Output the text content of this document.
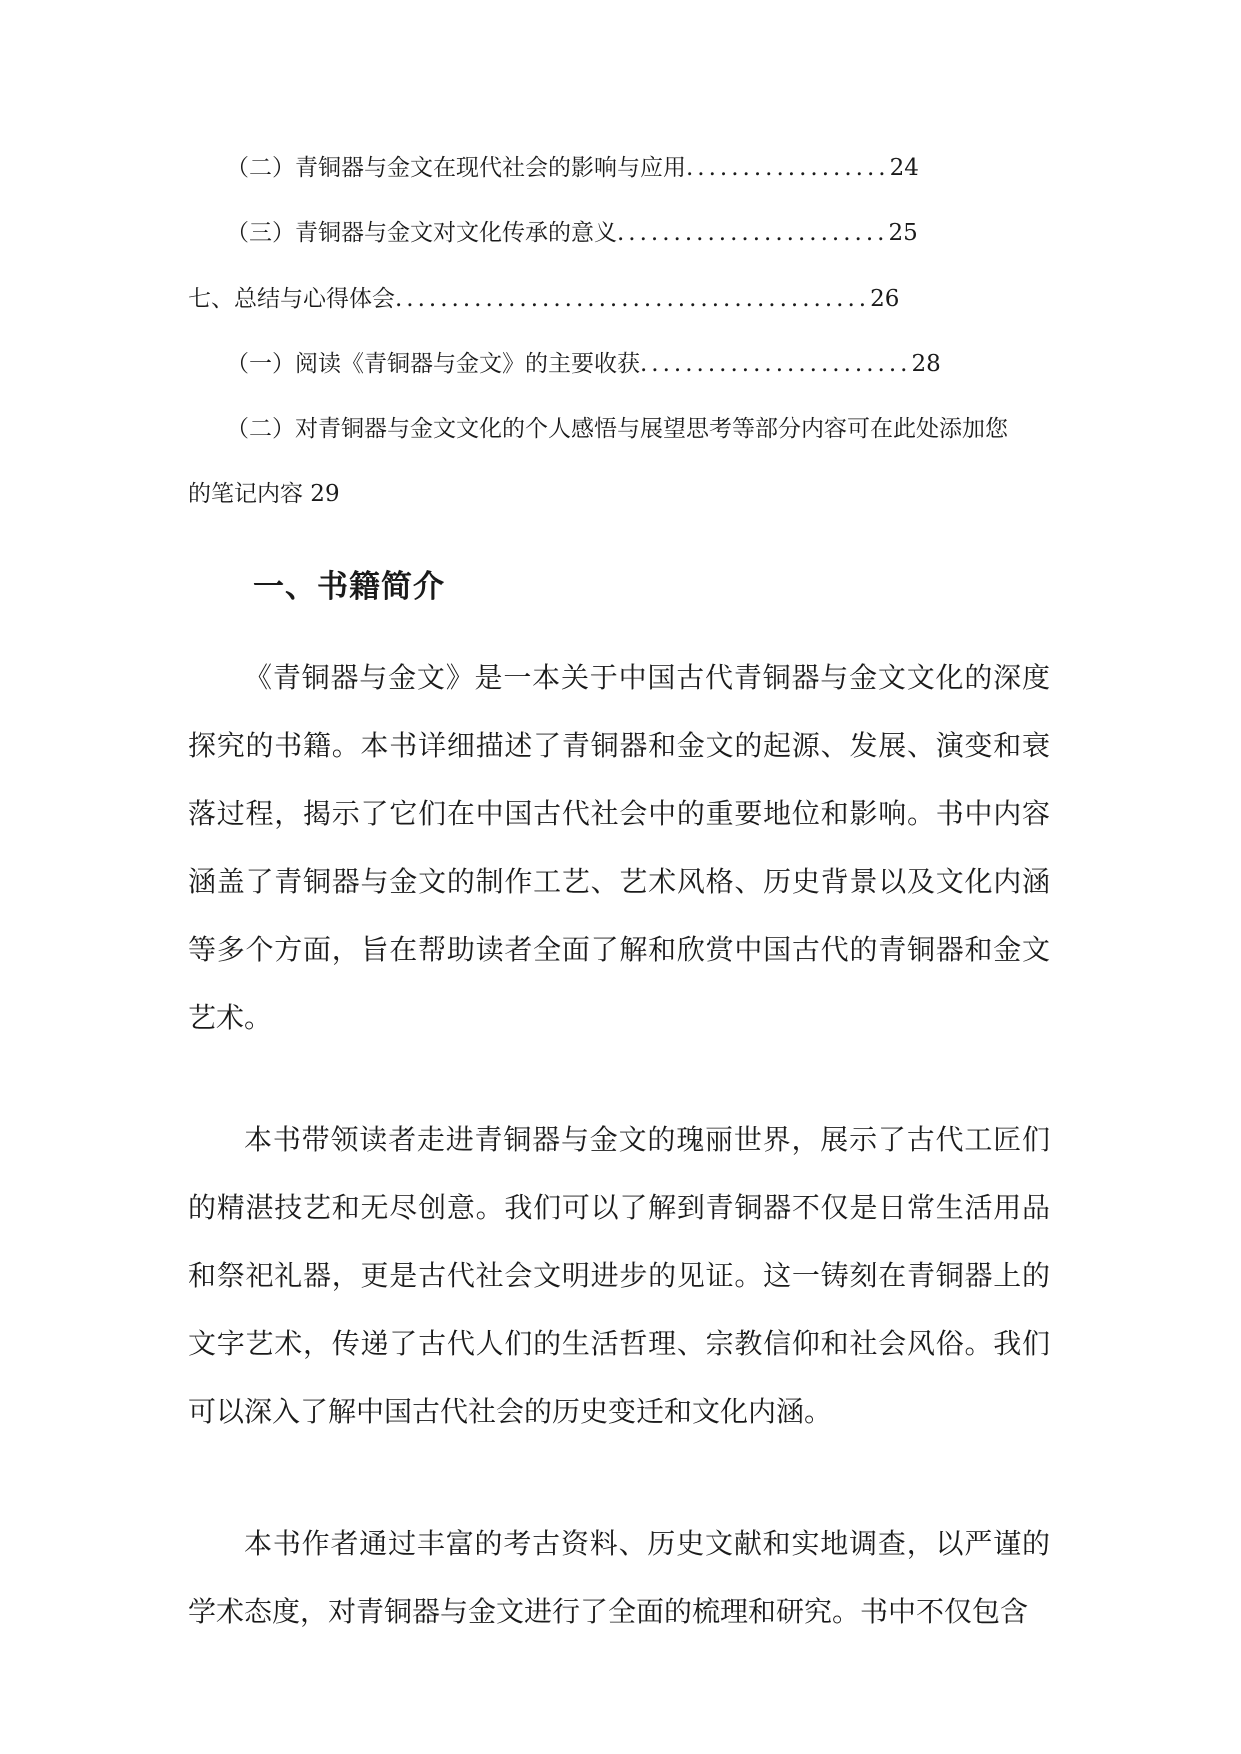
（二）青铜器与金文在现代社会的影响与应用 .................. 24
（三）青铜器与金文对文化传承的意义 ........................ 25
七、总结与心得体会 .......................................... 26
（一）阅读《青铜器与金文》的主要收获 ........................ 28
（二）对青铜器与金文文化的个人感悟与展望思考等部分内容可在此处添加您
的笔记内容 29
一、书籍简介

《青铜器与金文》是一本关于中国古代青铜器与金文文化的深度探究的书籍。本书详细描述了青铜器和金文的起源、发展、演变和衰落过程，揭示了它们在中国古代社会中的重要地位和影响。书中内容涵盖了青铜器与金文的制作工艺、艺术风格、历史背景以及文化内涵等多个方面，旨在帮助读者全面了解和欣赏中国古代的青铜器和金文艺术。

本书带领读者走进青铜器与金文的瑰丽世界，展示了古代工匠们的精湛技艺和无尽创意。我们可以了解到青铜器不仅是日常生活用品和祭祀礼器，更是古代社会文明进步的见证。这一铸刻在青铜器上的文字艺术，传递了古代人们的生活哲理、宗教信仰和社会风俗。我们可以深入了解中国古代社会的历史变迁和文化内涵。

本书作者通过丰富的考古资料、历史文献和实地调查，以严谨的学术态度，对青铜器与金文进行了全面的梳理和研究。书中不仅包含
